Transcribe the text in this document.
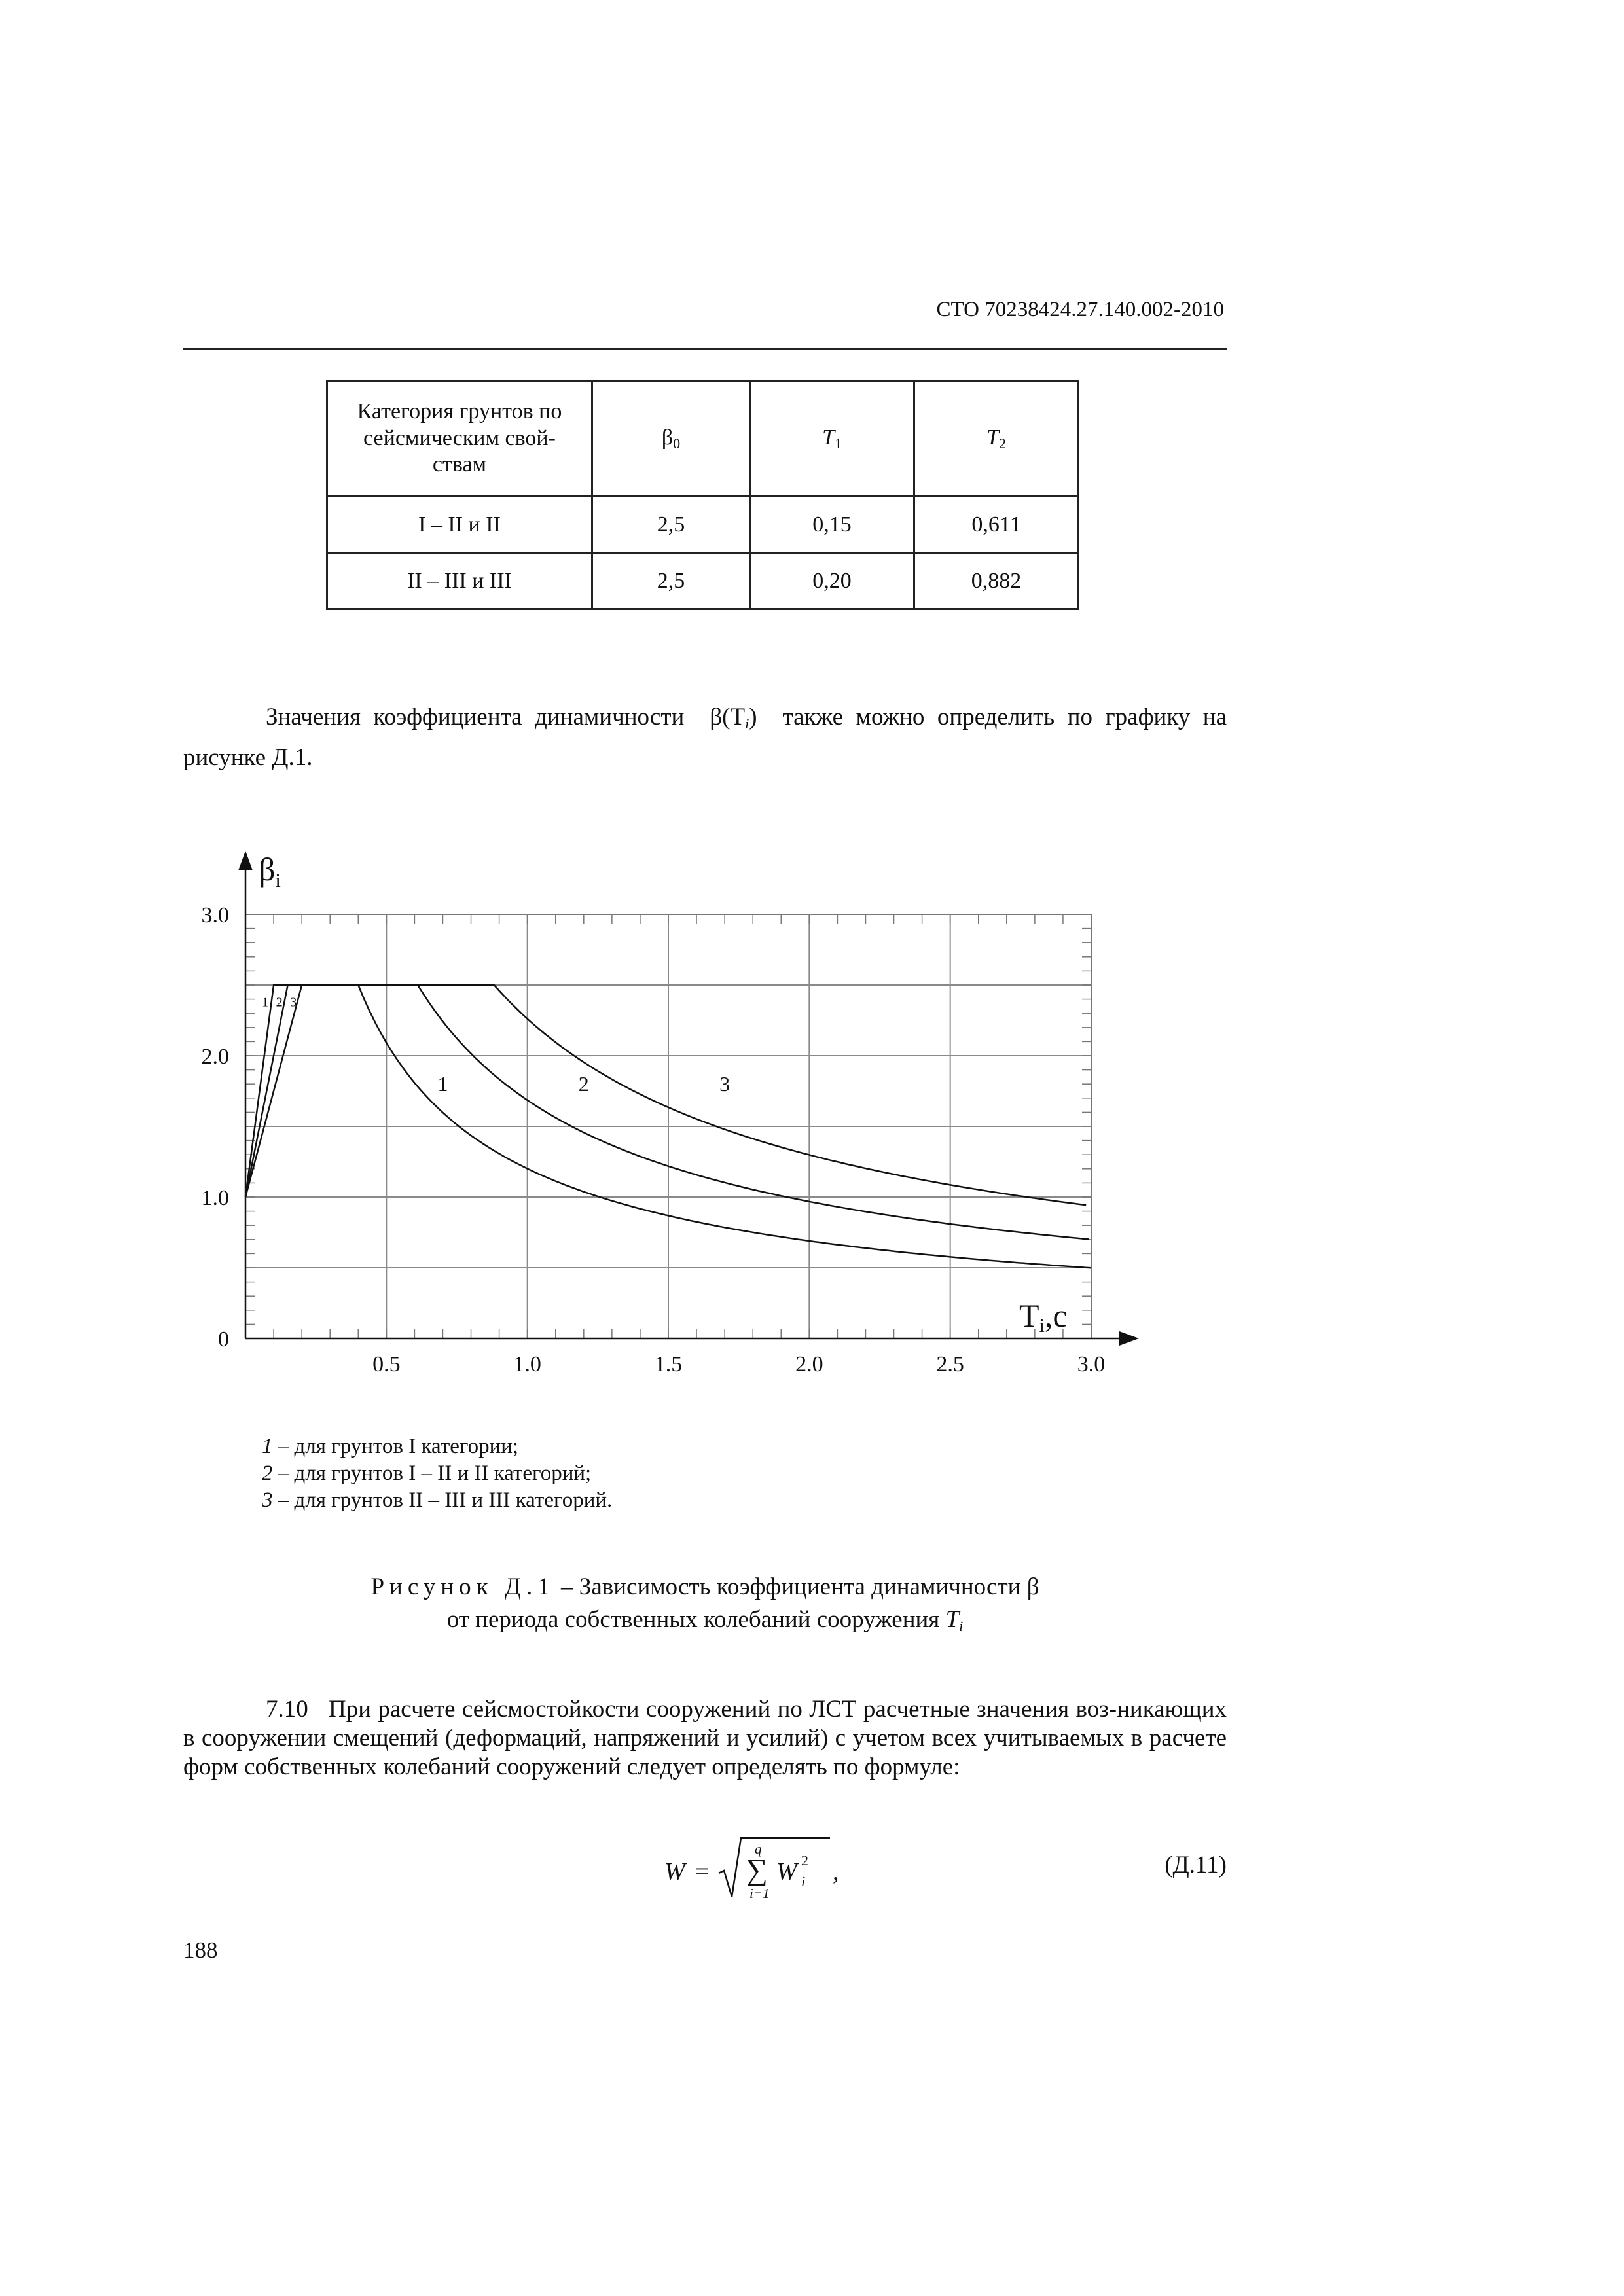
СТО 70238424.27.140.002-2010
Категория грунтов по
сейсмическим свой-
ствам	$\beta_0$	$T_1$	$T_2$
I – II и II	2,5	0,15	0,611
II – III и III	2,5	0,20	0,882
Значения коэффициента динамичности $\beta(T_i)$ также можно определить по графику на рисунке Д.1.
0.5	1.0	1.5	2.0	2.5	3.0
0
1.0
2.0
3.0
$\beta_i$
Ti,c
1
1
2
2
3
3
1 – для грунтов I категории;
2 – для грунтов I – II и II категорий;
3 – для грунтов II – III и III категорий.
Рисунок Д.1 – Зависимость коэффициента динамичности β
от периода собственных колебаний сооружения $T_i$
7.10 При расчете сейсмостойкости сооружений по ЛСТ расчетные значения воз-никающих в сооружении смещений (деформаций, напряжений и усилий) с учетом всех учитываемых в расчете форм собственных колебаний сооружений следует определять по формуле:
W = ∑
q
i=1
W 2
i ,	(Д.11)
188
